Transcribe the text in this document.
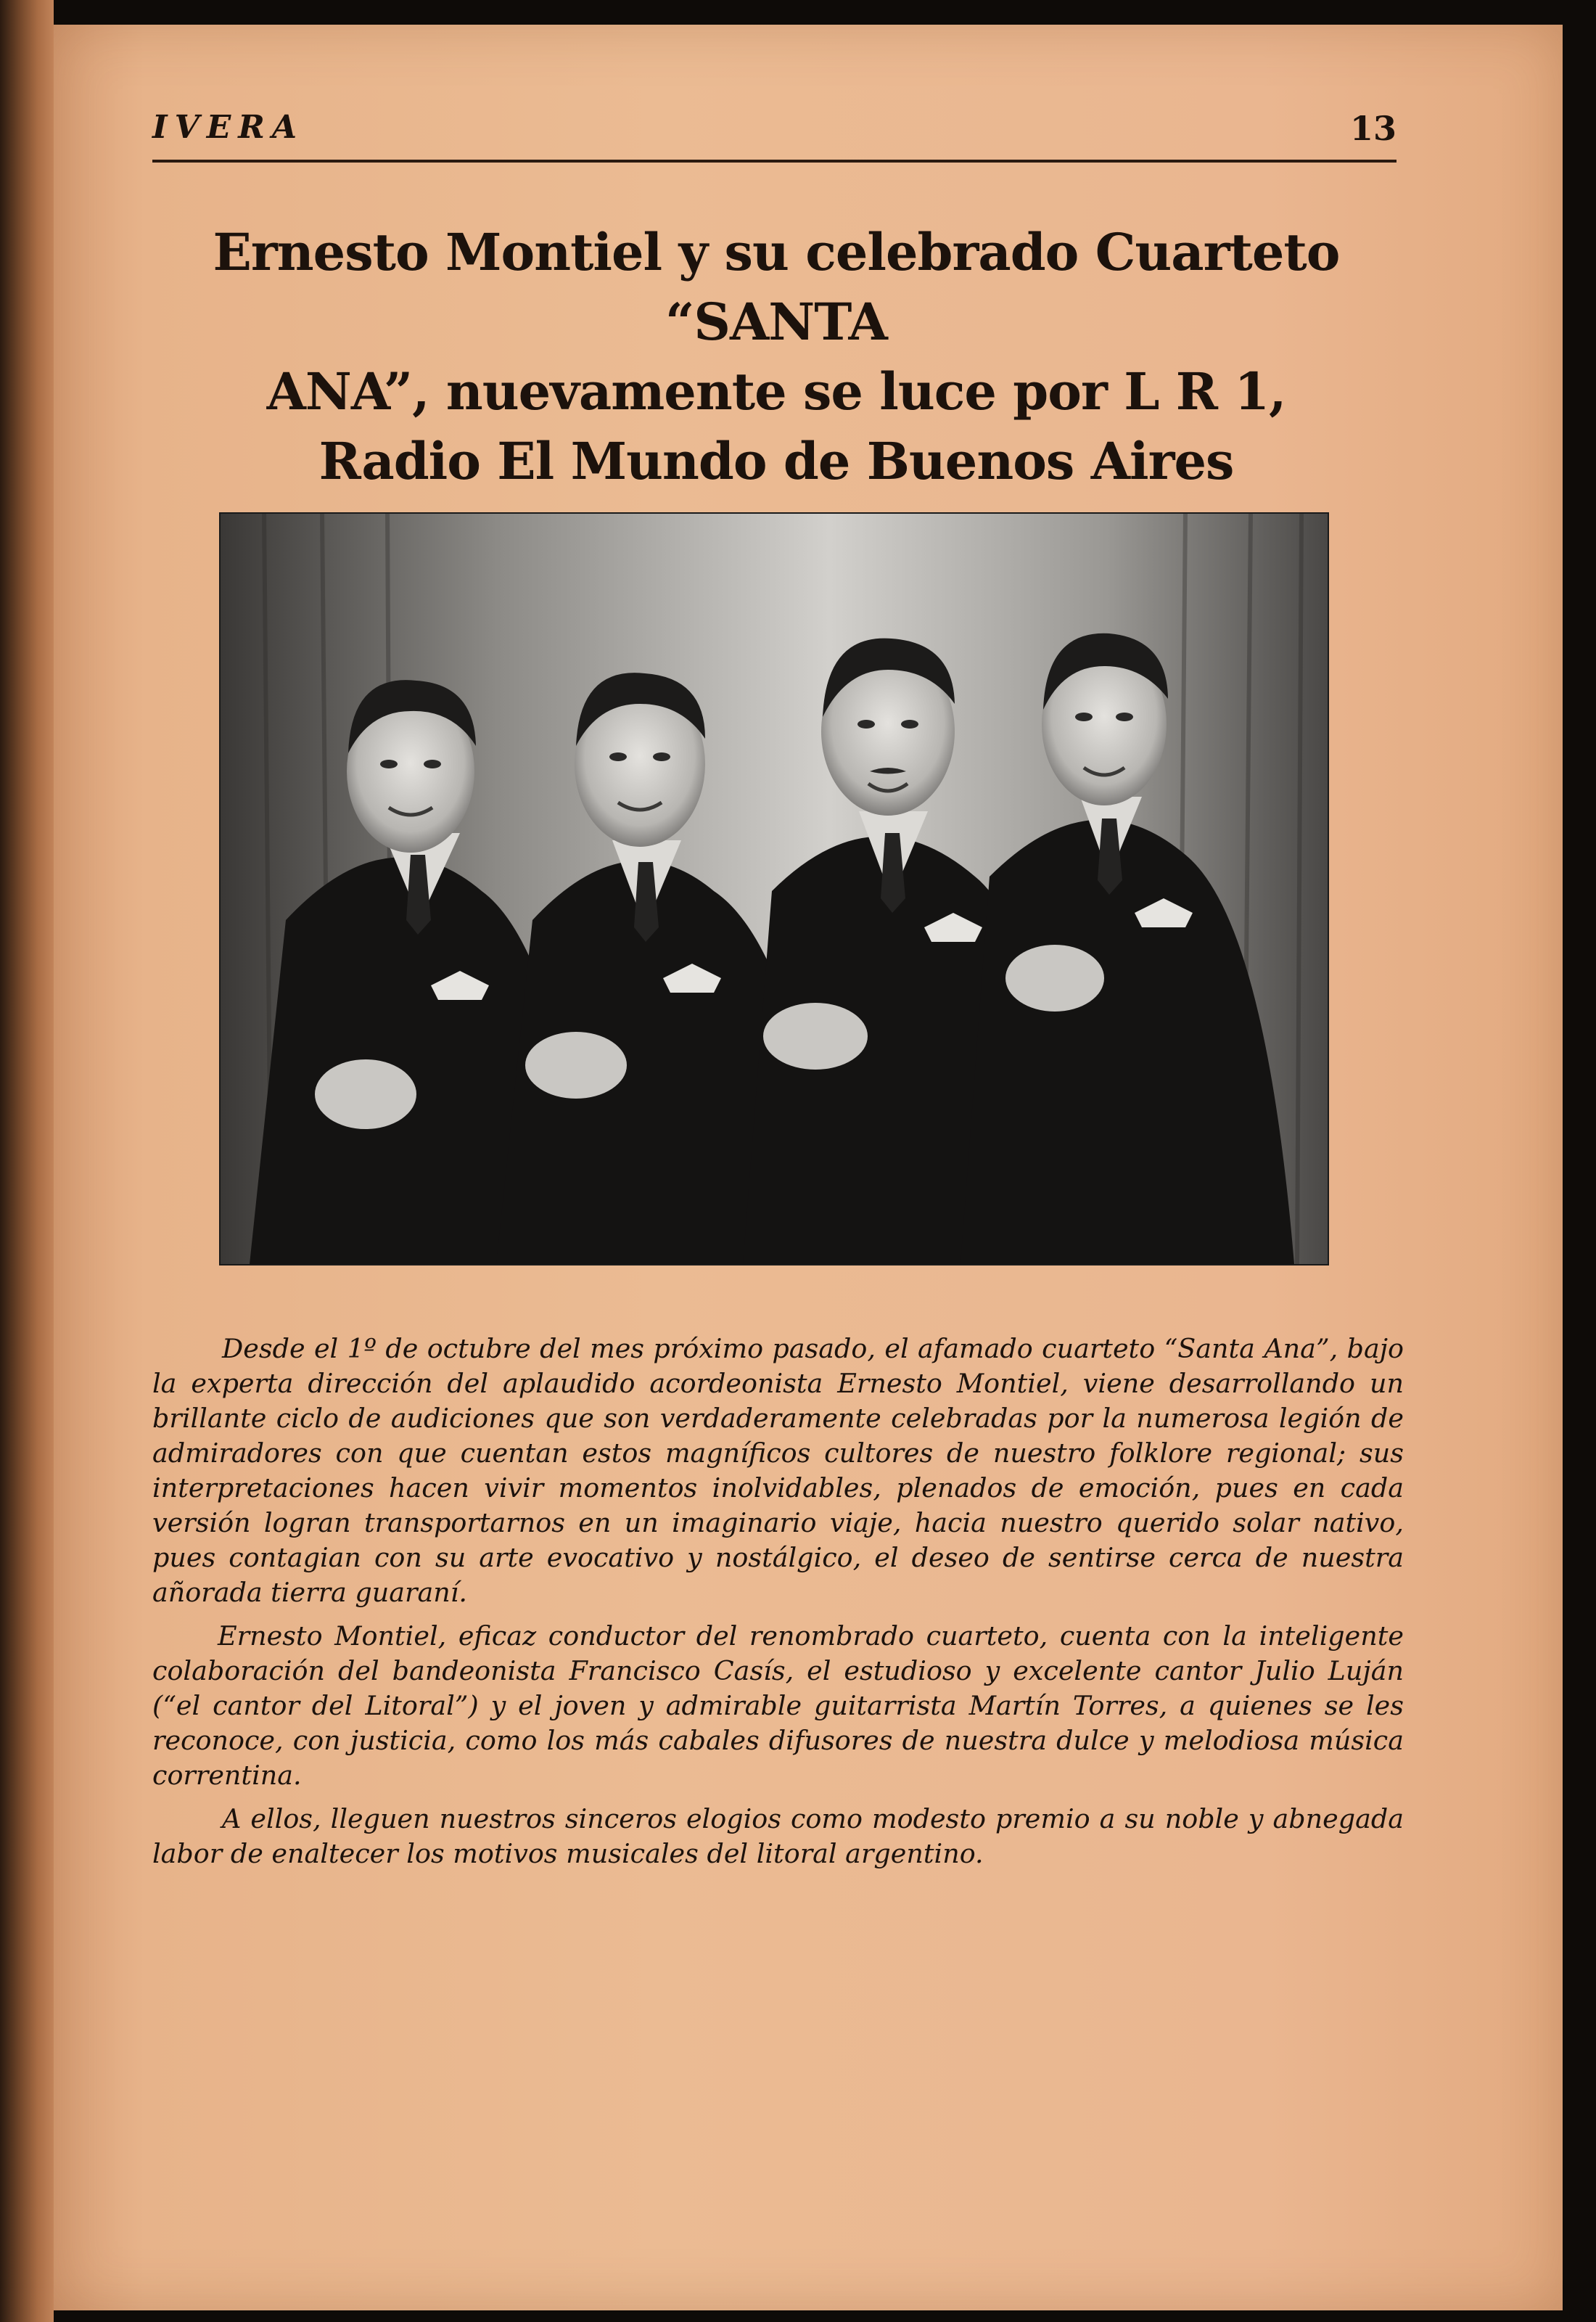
IVERA	13
Ernesto Montiel y su celebrado Cuarteto “SANTA
ANA”, nuevamente se luce por L R 1,
Radio El Mundo de Buenos Aires

Desde el 1º de octubre del mes próximo pasado, el afamado cuarteto “Santa Ana”, bajo la experta dirección del aplaudido acordeonista Ernesto Montiel, viene desarrollando un brillante ciclo de audiciones que son verdaderamente celebradas por la numerosa legión de admiradores con que cuentan estos magníficos cultores de nuestro folklore regional; sus interpretaciones hacen vivir momentos inolvidables, plenados de emoción, pues en cada versión logran transportarnos en un imaginario viaje, hacia nuestro querido solar nativo, pues contagian con su arte evocativo y nostálgico, el deseo de sentirse cerca de nuestra añorada tierra guaraní.

Ernesto Montiel, eficaz conductor del renombrado cuarteto, cuenta con la inteligente colaboración del bandeonista Francisco Casís, el estudioso y excelente cantor Julio Luján (“el cantor del Litoral”) y el joven y admirable guitarrista Martín Torres, a quienes se les reconoce, con justicia, como los más cabales difusores de nuestra dulce y melodiosa música correntina.

A ellos, lleguen nuestros sinceros elogios como modesto premio a su noble y abnegada labor de enaltecer los motivos musicales del litoral argentino.
